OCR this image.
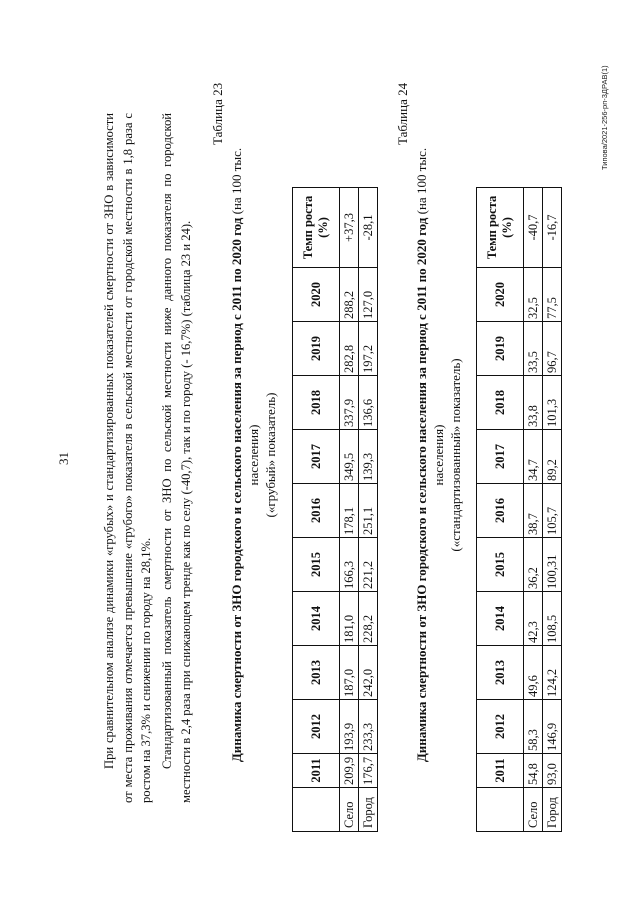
31 При сравнительном анализе динамики «грубых» и стандартизированных показателей смертности от ЗНО в зависимости от места проживания отмечается превышение «грубого» показателя в сельской местности от городской местности в 1,8 раза с ростом на 37,3% и снижении по городу на 28,1%. Стандартизованный показатель смертности от ЗНО по сельской местности ниже данного показателя по городской местности в 2,4 раза при снижающем тренде как по селу (-40,7), так и по городу (- 16,7%) (таблица 23 и 24).
Таблица 23
Динамика смертности от ЗНО городского и сельского населения за период с 2011 по 2020 год (на 100 тыс.
населения) («грубый» показатель)
	2011	2012	2013	2014	2015	2016	2017	2018	2019	2020	Темп роста (%)
Село	209,9	193,9	187,0	181,0	166,3	178,1	349,5	337,9	282,8	288,2	+37,3
Город	176,7	233,3	242,0	228,2	221,2	251,1	139,3	136,6	197,2	127,0	-28,1
Таблица 24
Динамика смертности от ЗНО городского и сельского населения за период с 2011 по 2020 год (на 100 тыс.
населения) («стандартизованный» показатель)
	2011	2012	2013	2014	2015	2016	2017	2018	2019	2020	Темп роста (%)
Село	54,8	58,3	49,6	42,3	36,2	38,7	34,7	33,8	33,5	32,5	-40,7
Город	93,0	146,9	124,2	108,5	100,31	105,7	89,2	101,3	96,7	77,5	-16,7
Типова/2021-256-рп-3ДРАВ(1)
